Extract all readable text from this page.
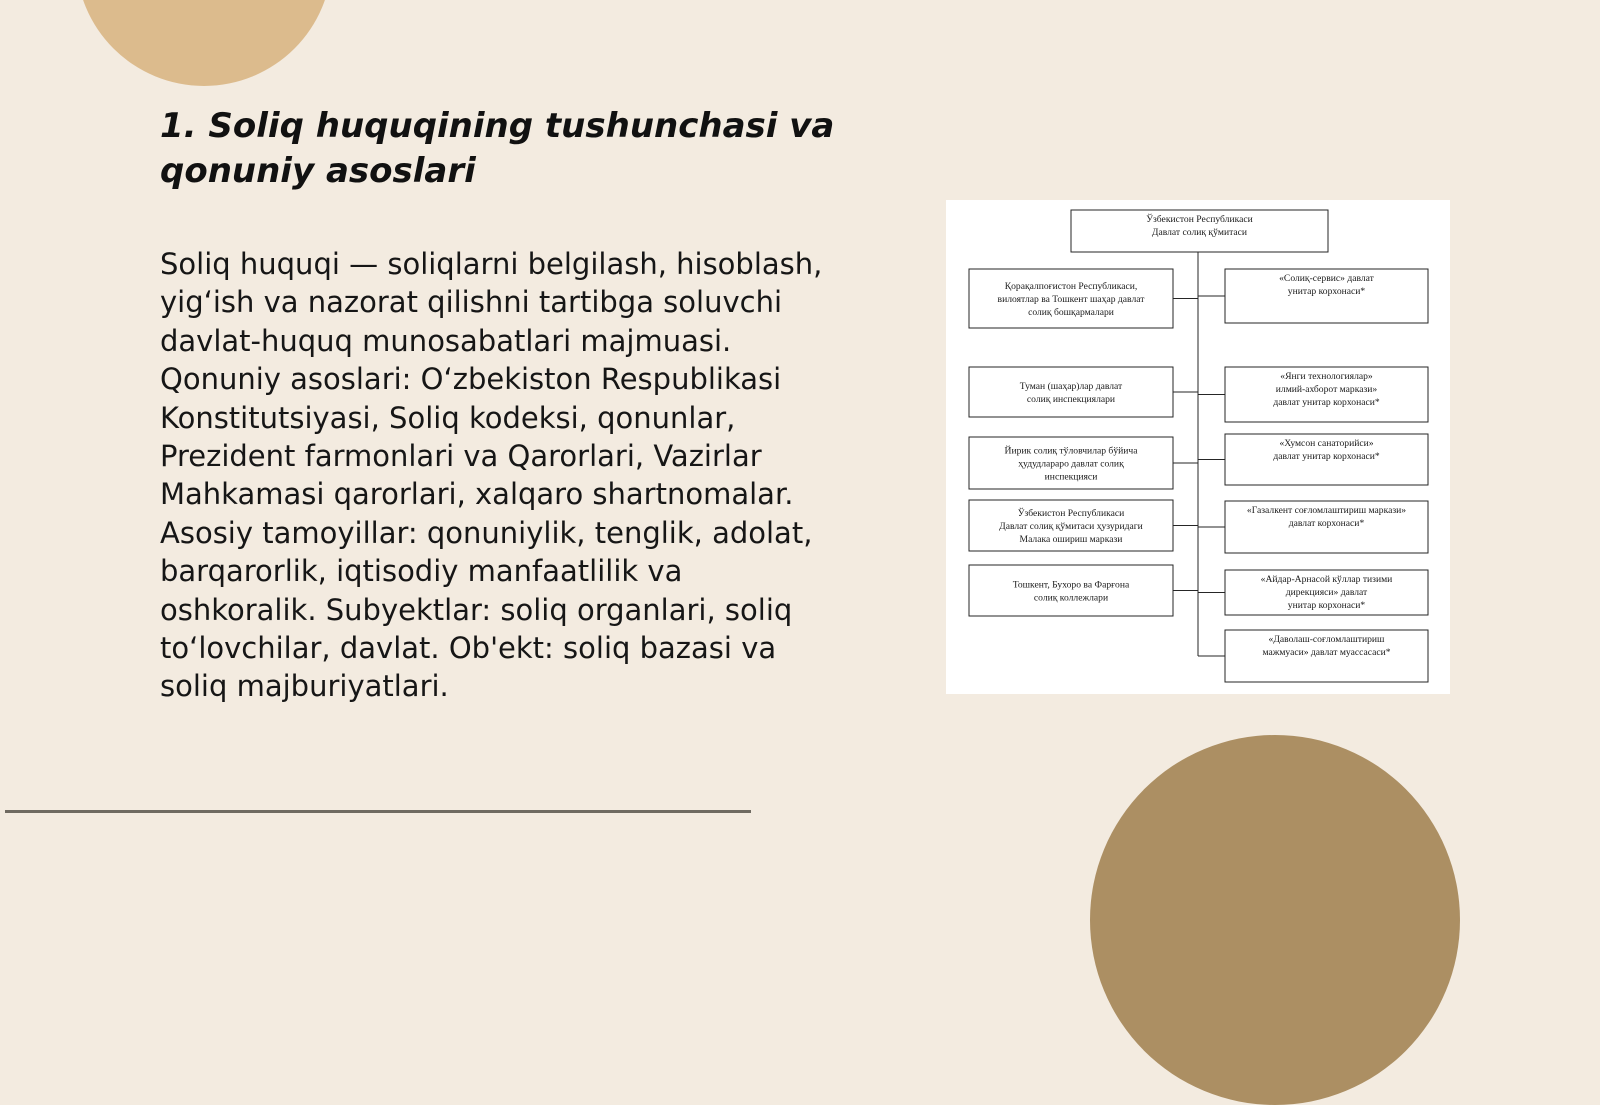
1. Soliq huquqining tushunchasi va qonuniy asoslari

Soliq huquqi — soliqlarni belgilash, hisoblash, yig‘ish va nazorat qilishni tartibga soluvchi davlat-huquq munosabatlari majmuasi. Qonuniy asoslari: O‘zbekiston Respublikasi Konstitutsiyasi, Soliq kodeksi, qonunlar, Prezident farmonlari va Qarorlari, Vazirlar Mahkamasi qarorlari, xalqaro shartnomalar. Asosiy tamoyillar: qonuniylik, tenglik, adolat, barqarorlik, iqtisodiy manfaatlilik va oshkoralik. Subyektlar: soliq organlari, soliq to‘lovchilar, davlat. Ob'ekt: soliq bazasi va soliq majburiyatlari.

Ўзбекистон Республикаси
Давлат солиқ қўмитаси
Қорақалпоғистон Республикаси,
вилоятлар ва Тошкент шаҳар давлат
солиқ бошқармалари
Туман (шаҳар)лар давлат
солиқ инспекциялари
Йирик солиқ тўловчилар бўйича
ҳудудлараро давлат солиқ
инспекцияси
Ўзбекистон Республикаси
Давлат солиқ қўмитаси ҳузуридаги
Малака ошириш маркази
Тошкент, Бухоро ва Фарғона
солиқ коллежлари
«Солиқ-сервис» давлат
унитар корхонаси*
«Янги технологиялар»
илмий-ахборот маркази»
давлат унитар корхонаси*
«Хумсон санаторийси»
давлат унитар корхонаси*
«Газалкент соғломлаштириш маркази»
давлат корхонаси*
«Айдар-Арнасой кўллар тизими
дирекцияси» давлат
унитар корхонаси*
«Даволаш-соғломлаштириш
мажмуаси» давлат муассасаси*
